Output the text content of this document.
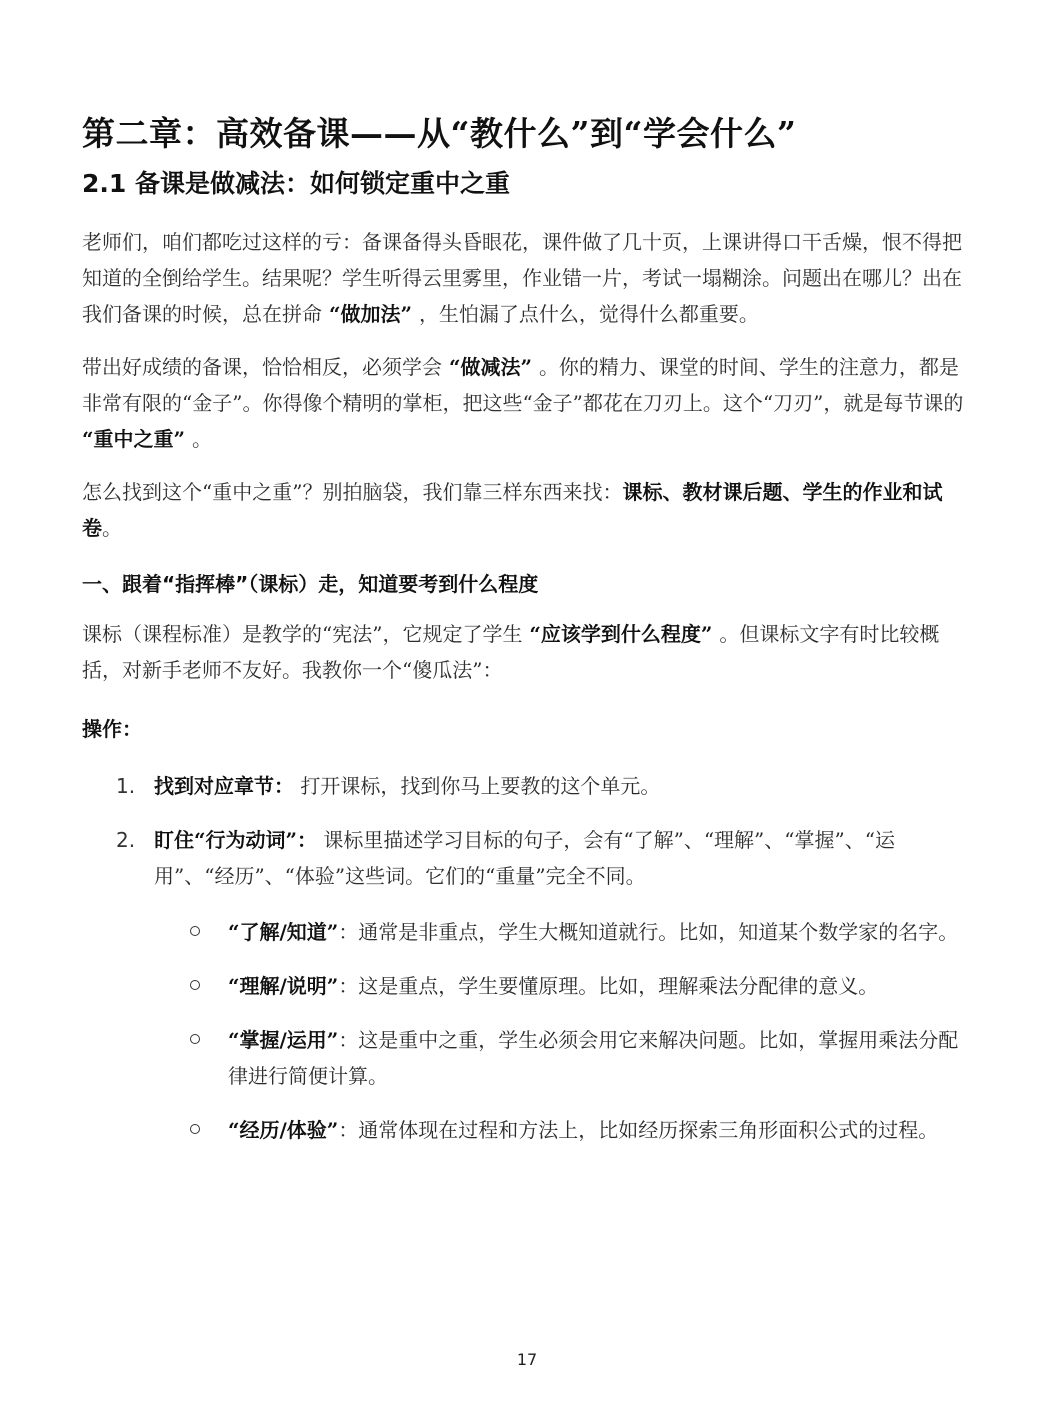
第二章：高效备课——从“教什么”到“学会什么”
2.1 备课是做减法：如何锁定重中之重

老师们，咱们都吃过这样的亏：备课备得头昏眼花，课件做了几十页，上课讲得口干舌燥，恨不得把知道的全倒给学生。结果呢？学生听得云里雾里，作业错一片，考试一塌糊涂。问题出在哪儿？出在我们备课的时候，总在拼命 “做加法” ，生怕漏了点什么，觉得什么都重要。

带出好成绩的备课，恰恰相反，必须学会 “做减法” 。你的精力、课堂的时间、学生的注意力，都是非常有限的“金子”。你得像个精明的掌柜，把这些“金子”都花在刀刃上。这个“刀刃”，就是每节课的 “重中之重” 。

怎么找到这个“重中之重”？别拍脑袋，我们靠三样东西来找：课标、教材课后题、学生的作业和试卷。

一、跟着“指挥棒”（课标）走，知道要考到什么程度

课标（课程标准）是教学的“宪法”，它规定了学生 “应该学到什么程度” 。但课标文字有时比较概括，对新手老师不友好。我教你一个“傻瓜法”：

操作：
1. 找到对应章节： 打开课标，找到你马上要教的这个单元。
2. 盯住“行为动词”： 课标里描述学习目标的句子，会有“了解”、“理解”、“掌握”、“运用”、“经历”、“体验”这些词。它们的“重量”完全不同。
“了解/知道”：通常是非重点，学生大概知道就行。比如，知道某个数学家的名字。
“理解/说明”：这是重点，学生要懂原理。比如，理解乘法分配律的意义。
“掌握/运用”：这是重中之重，学生必须会用它来解决问题。比如，掌握用乘法分配律进行简便计算。
“经历/体验”：通常体现在过程和方法上，比如经历探索三角形面积公式的过程。
17
